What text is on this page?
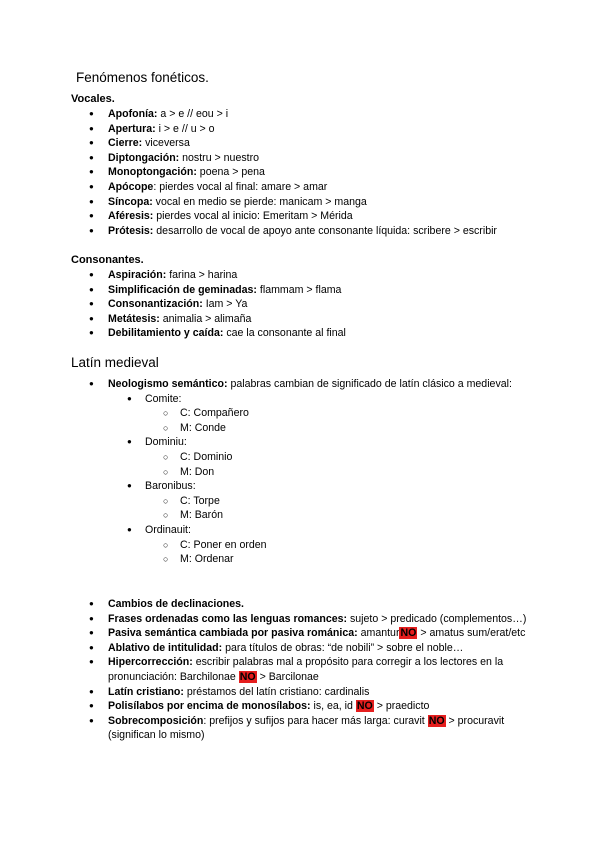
Fenómenos fonéticos.
Vocales.
● Apofonía: a > e // eou > i
● Apertura: i > e // u > o
● Cierre: viceversa
● Diptongación: nostru > nuestro
● Monoptongación: poena > pena
● Apócope: pierdes vocal al final: amare > amar
● Síncopa: vocal en medio se pierde: manicam > manga
● Aféresis: pierdes vocal al inicio: Emeritam > Mérida
● Prótesis: desarrollo de vocal de apoyo ante consonante líquida: scribere > escribir
Consonantes.
● Aspiración: farina > harina
● Simplificación de geminadas: flammam > flama
● Consonantización: Iam > Ya
● Metátesis: animalia > alimaña
● Debilitamiento y caída: cae la consonante al final
Latín medieval
● Neologismo semántico: palabras cambian de significado de latín clásico a medieval:
● Comite:
○ C: Compañero
○ M: Conde
● Dominiu:
○ C: Dominio
○ M: Don
● Baronibus:
○ C: Torpe
○ M: Barón
● Ordinauit:
○ C: Poner en orden
○ M: Ordenar
● Cambios de declinaciones.
● Frases ordenadas como las lenguas romances: sujeto > predicado (complementos…)
● Pasiva semántica cambiada por pasiva románica: amanturNO > amatus sum/erat/etc
● Ablativo de intitulidad: para títulos de obras: “de nobili” > sobre el noble…
● Hipercorrección: escribir palabras mal a propósito para corregir a los lectores en la pronunciación: Barchilonae NO > Barcilonae
● Latín cristiano: préstamos del latín cristiano: cardinalis
● Polisílabos por encima de monosílabos: is, ea, id NO > praedicto
● Sobrecomposición: prefijos y sufijos para hacer más larga: curavit NO > procuravit (significan lo mismo)
